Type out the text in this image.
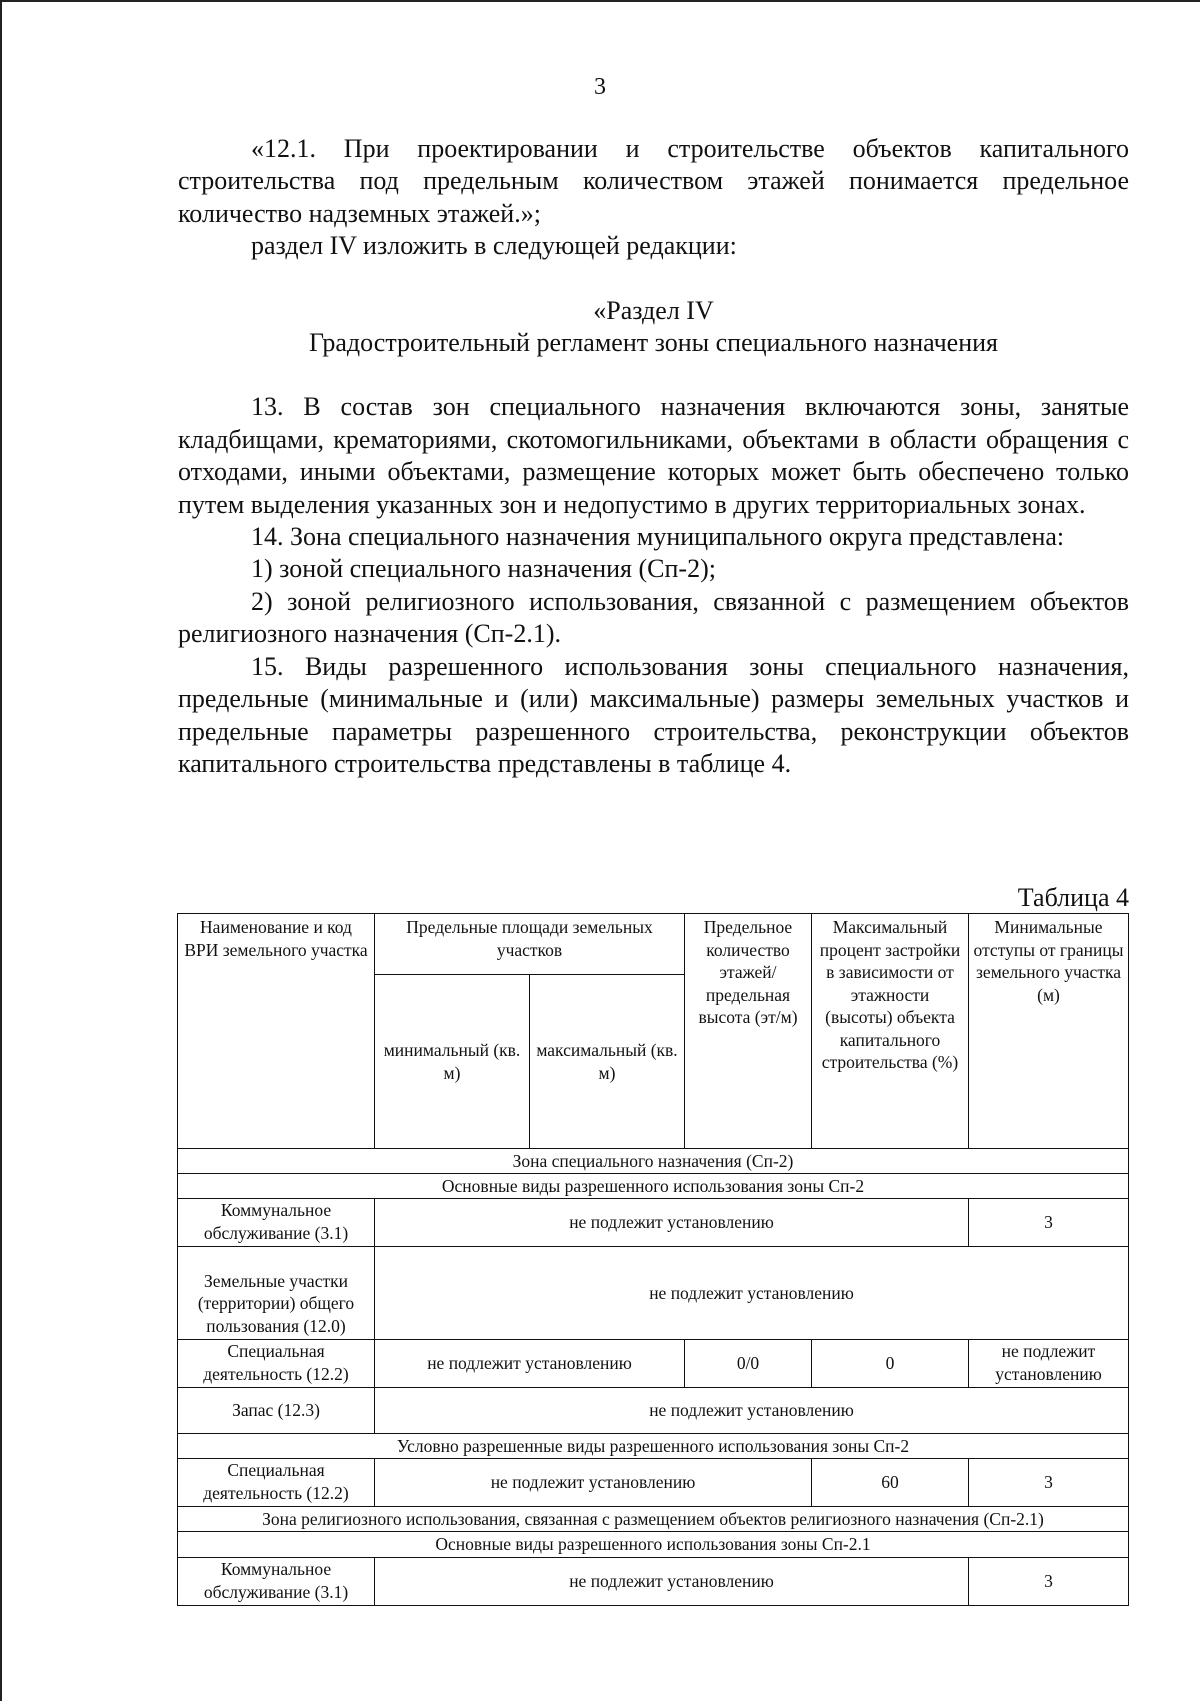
3

«12.1. При проектировании и строительстве объектов капитального строительства под предельным количеством этажей понимается предельное количество надземных этажей.»;

раздел IV изложить в следующей редакции:

«Раздел IV

Градостроительный регламент зоны специального назначения

13. В состав зон специального назначения включаются зоны, занятые кладбищами, крематориями, скотомогильниками, объектами в области обращения с отходами, иными объектами, размещение которых может быть обеспечено только путем выделения указанных зон и недопустимо в других территориальных зонах.

14. Зона специального назначения муниципального округа представлена:

1) зоной специального назначения (Сп-2);

2) зоной религиозного использования, связанной с размещением объектов религиозного назначения (Сп-2.1).

15. Виды разрешенного использования зоны специального назначения, предельные (минимальные и (или) максимальные) размеры земельных участков и предельные параметры разрешенного строительства, реконструкции объектов капитального строительства представлены в таблице 4.

Таблица 4
Наименование и код ВРИ земельного участка	Предельные площади земельных участков		Предельное количество этажей/ предельная высота (эт/м)	Максимальный процент застройки в зависимости от этажности (высоты) объекта капитального строительства (%)	Минимальные отступы от границы земельного участка (м)
	минимальный (кв. м)	максимальный (кв. м)			
Зона специального назначения (Сп-2)					
Основные виды разрешенного использования зоны Сп-2					
Коммунальное обслуживание (3.1)	не подлежит установлению				3
Земельные участки (территории) общего пользования (12.0)	не подлежит установлению				
Специальная деятельность (12.2)	не подлежит установлению		0/0	0	не подлежит установлению
Запас (12.3)	не подлежит установлению				
Условно разрешенные виды разрешенного использования зоны Сп-2					
Специальная деятельность (12.2)	не подлежит установлению			60	3
Зона религиозного использования, связанная с размещением объектов религиозного назначения (Сп-2.1)					
Основные виды разрешенного использования зоны Сп-2.1					
Коммунальное обслуживание (3.1)	не подлежит установлению				3
